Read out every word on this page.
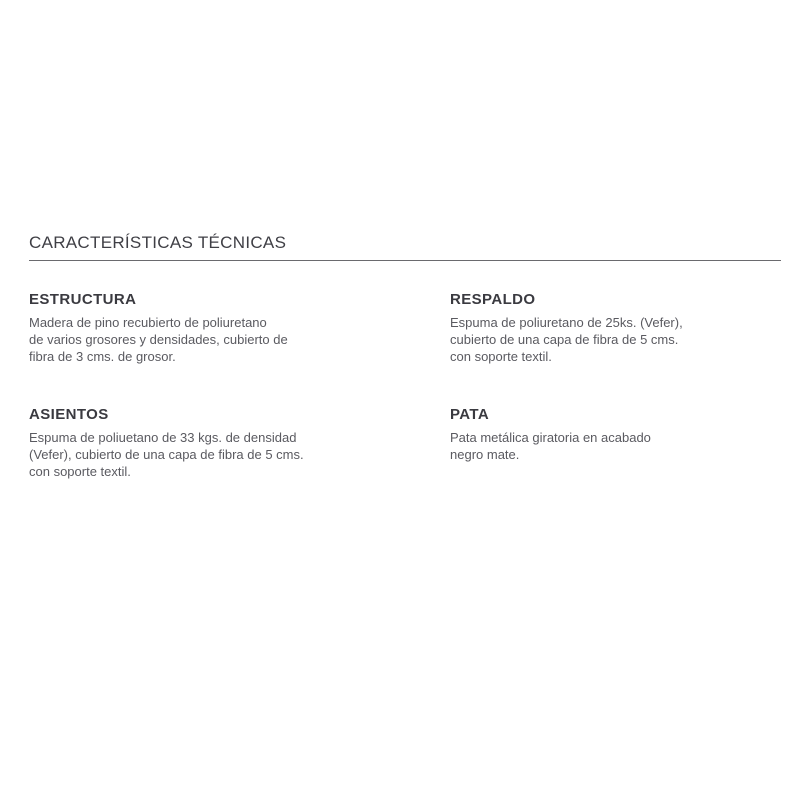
CARACTERÍSTICAS TÉCNICAS
ESTRUCTURA

Madera de pino recubierto de poliuretano
de varios grosores y densidades, cubierto de
fibra de 3 cms. de grosor.

RESPALDO

Espuma de poliuretano de 25ks. (Vefer),
cubierto de una capa de fibra de 5 cms.
con soporte textil.

ASIENTOS

Espuma de poliuetano de 33 kgs. de densidad
(Vefer), cubierto de una capa de fibra de 5 cms.
con soporte textil.

PATA

Pata metálica giratoria en acabado
negro mate.
